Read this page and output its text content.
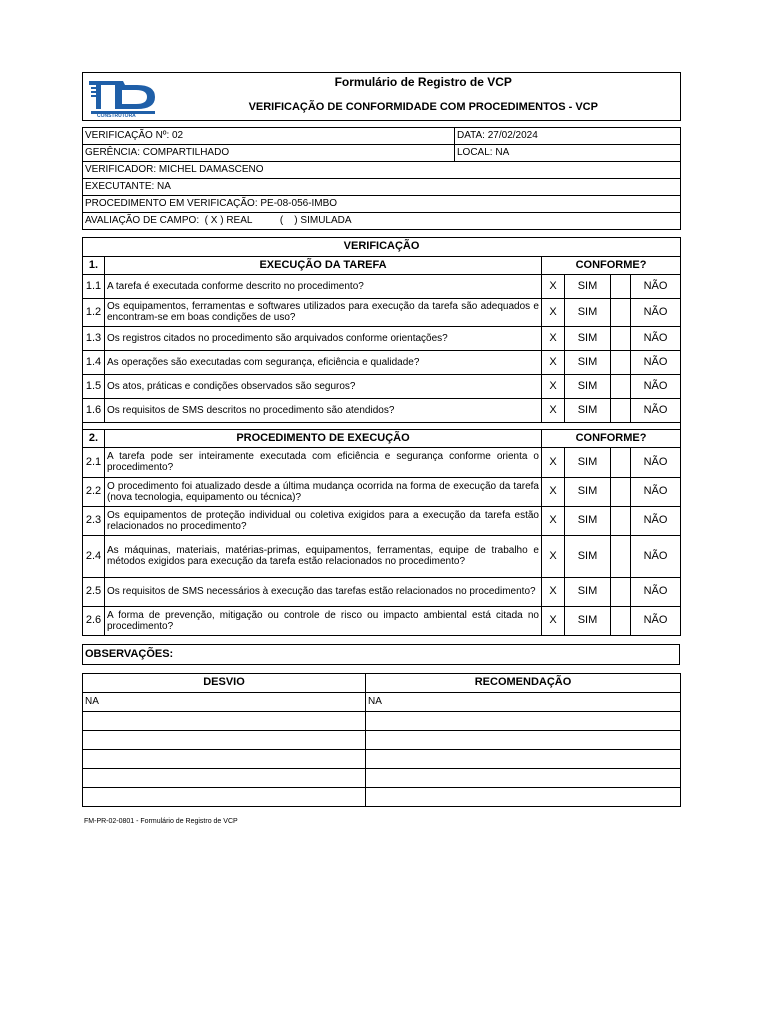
CONSTRUTORA

Formulário de Registro de VCP
VERIFICAÇÃO DE CONFORMIDADE COM PROCEDIMENTOS - VCP

VERIFICAÇÃO Nº: 02	DATA: 27/02/2024
GERÊNCIA: COMPARTILHADO	LOCAL: NA
VERIFICADOR: MICHEL DAMASCENO	
EXECUTANTE: NA	
PROCEDIMENTO EM VERIFICAÇÃO: PE-08-056-IMBO	
AVALIAÇÃO DE CAMPO:  ( X ) REAL          (    ) SIMULADA	
VERIFICAÇÃO					
1.	EXECUÇÃO DA TAREFA	CONFORME?			
1.1	A tarefa é executada conforme descrito no procedimento?	X	SIM		NÃO
1.2	Os equipamentos, ferramentas e softwares utilizados para execução da tarefa são adequados e encontram-se em boas condições de uso?	X	SIM		NÃO
1.3	Os registros citados no procedimento são arquivados conforme orientações?	X	SIM		NÃO
1.4	As operações são executadas com segurança, eficiência e qualidade?	X	SIM		NÃO
1.5	Os atos, práticas e condições observados são seguros?	X	SIM		NÃO
1.6	Os requisitos de SMS descritos no procedimento são atendidos?	X	SIM		NÃO

2.	PROCEDIMENTO DE EXECUÇÃO	CONFORME?			
2.1	A tarefa pode ser inteiramente executada com eficiência e segurança conforme orienta o procedimento?	X	SIM		NÃO
2.2	O procedimento foi atualizado desde a última mudança ocorrida na forma de execução da tarefa (nova tecnologia, equipamento ou técnica)?	X	SIM		NÃO
2.3	Os equipamentos de proteção individual ou coletiva exigidos para a execução da tarefa estão relacionados no procedimento?	X	SIM		NÃO
2.4	As máquinas, materiais, matérias-primas, equipamentos, ferramentas, equipe de trabalho e métodos exigidos para execução da tarefa estão relacionados no procedimento?	X	SIM		NÃO
2.5	Os requisitos de SMS necessários à execução das tarefas estão relacionados no procedimento?	X	SIM		NÃO
2.6	A forma de prevenção, mitigação ou controle de risco ou impacto ambiental está citada no procedimento?	X	SIM		NÃO
OBSERVAÇÕES:
DESVIO	RECOMENDAÇÃO
NA	NA

FM-PR-02-0801 - Formulário de Registro de VCP
